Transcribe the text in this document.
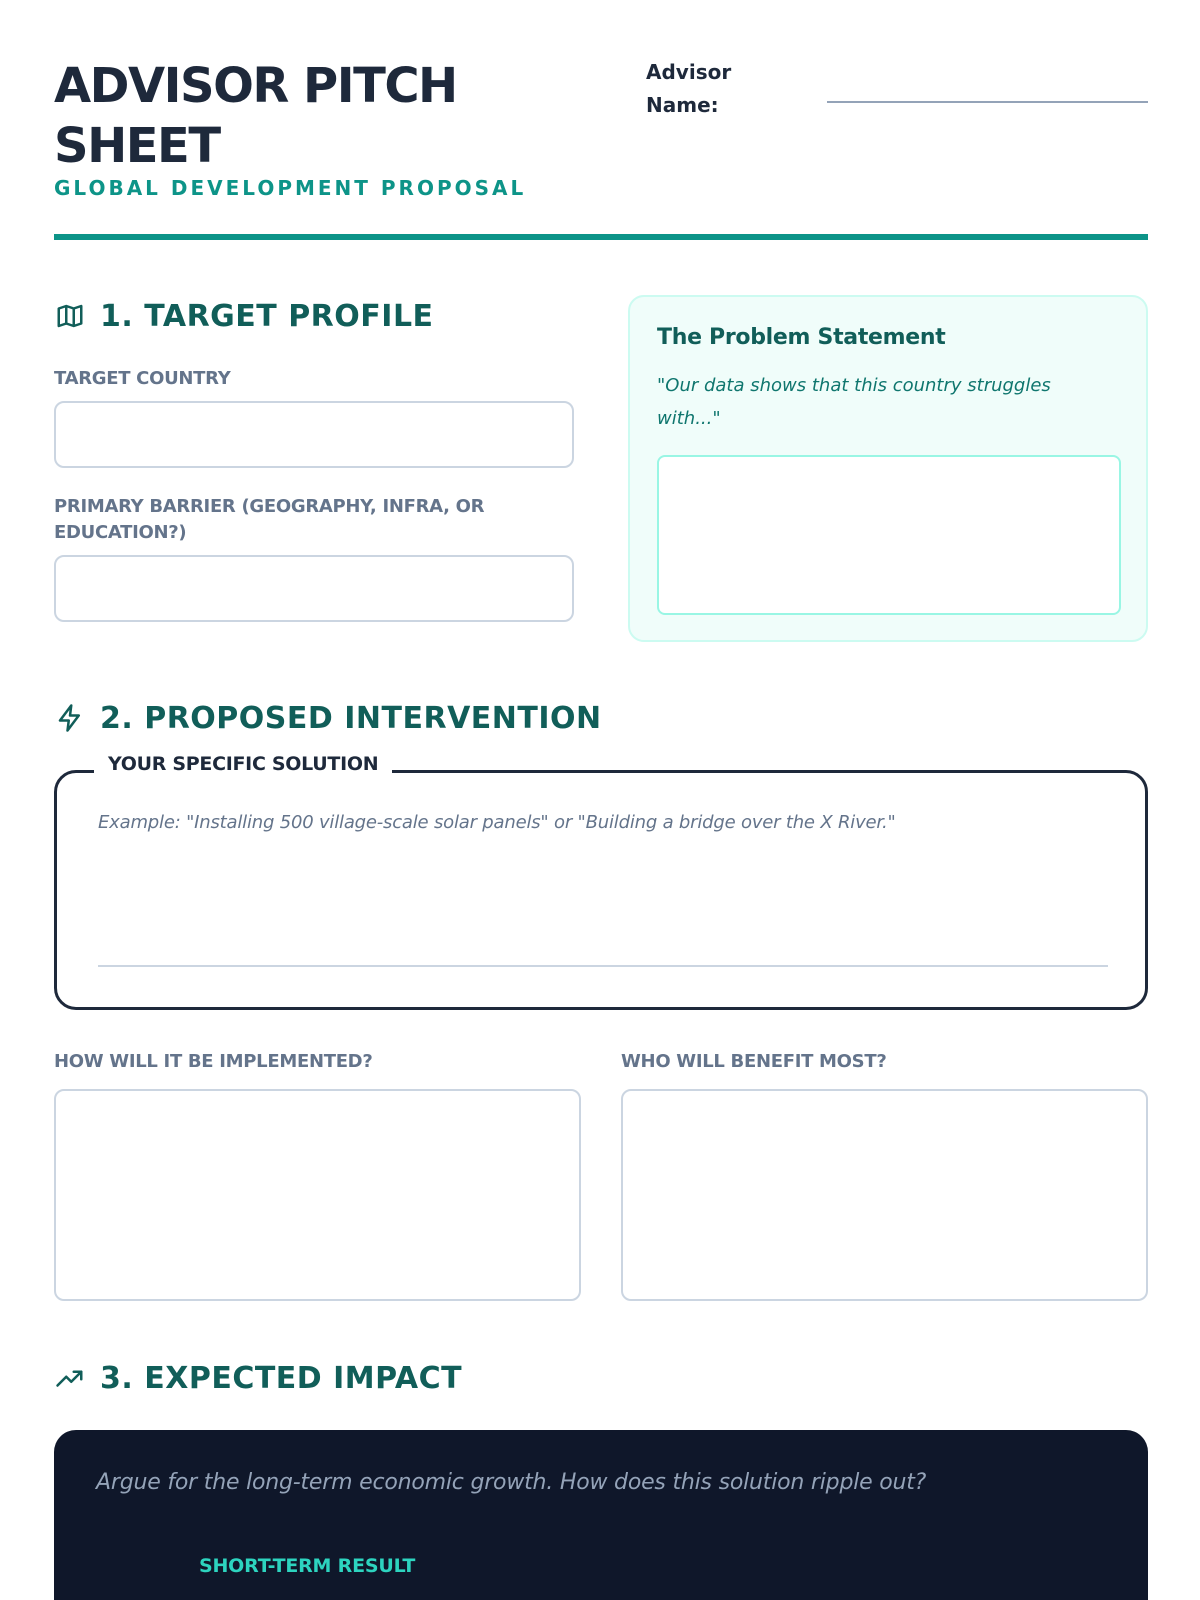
ADVISOR PITCH
SHEET
GLOBAL DEVELOPMENT PROPOSAL
Advisor
Name:
1. TARGET PROFILE
TARGET COUNTRY
PRIMARY BARRIER (GEOGRAPHY, INFRA, OR EDUCATION?)
The Problem Statement
"Our data shows that this country struggles with..."
2. PROPOSED INTERVENTION
YOUR SPECIFIC SOLUTION
Example: "Installing 500 village-scale solar panels" or "Building a bridge over the X River."
HOW WILL IT BE IMPLEMENTED?	WHO WILL BENEFIT MOST?
3. EXPECTED IMPACT
Argue for the long-term economic growth. How does this solution ripple out?
SHORT-TERM RESULT
